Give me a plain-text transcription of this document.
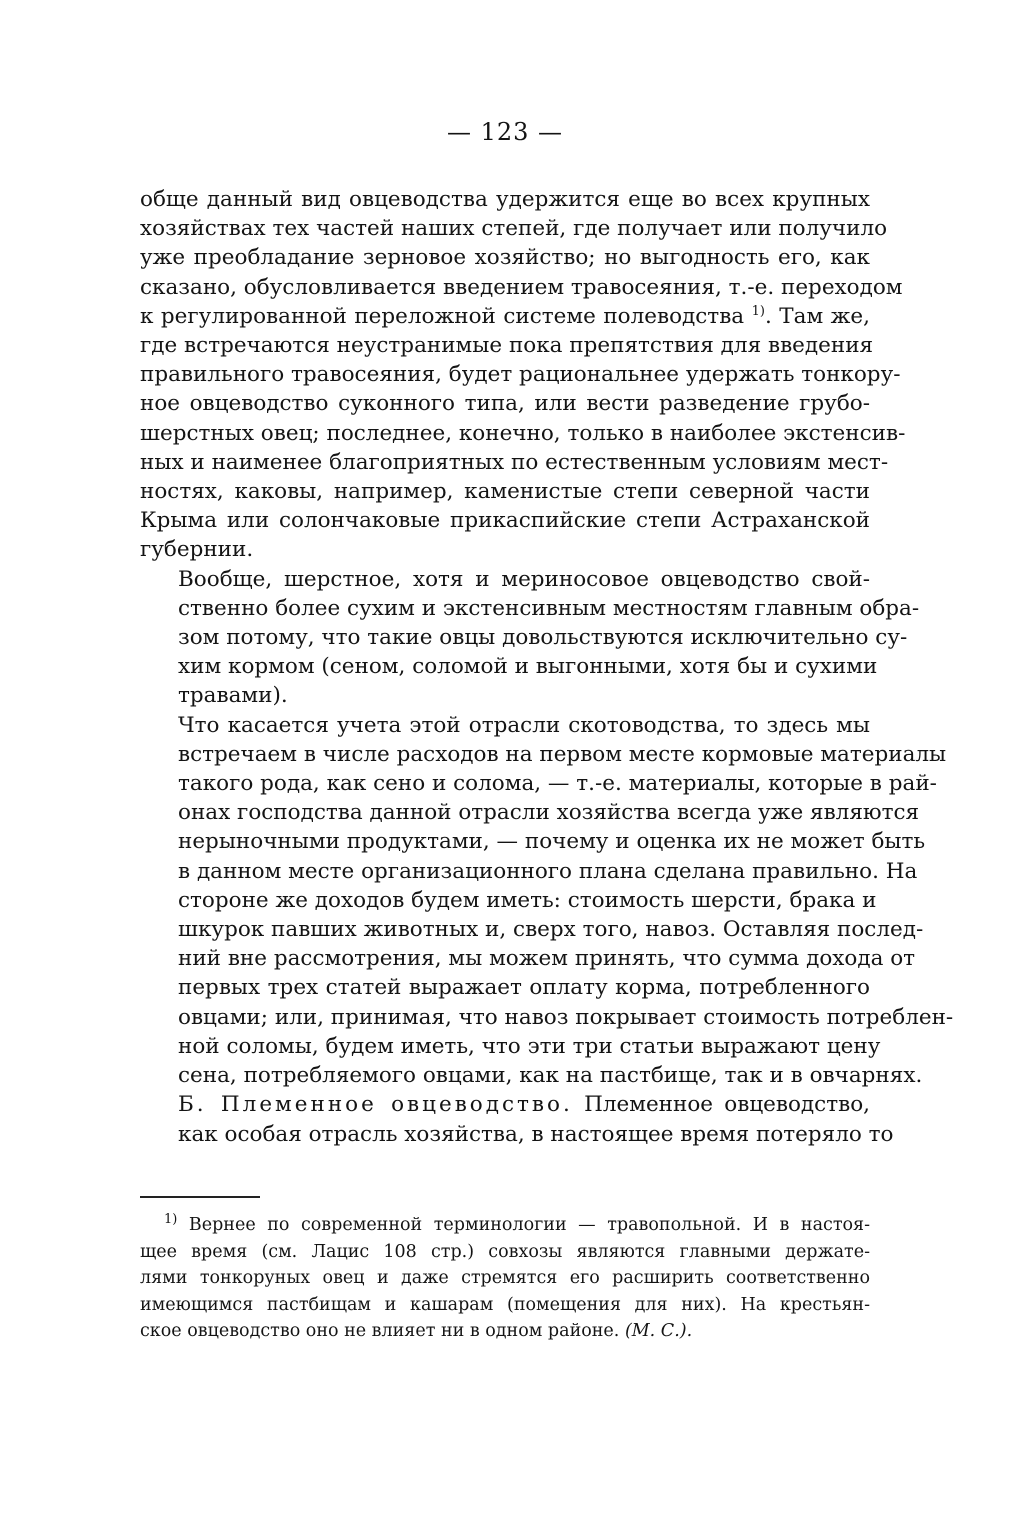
— 123 —

обще данный вид овцеводства удержится еще во всех крупных
хозяйствах тех частей наших степей, где получает или получило
уже преобладание зерновое хозяйство; но выгодность его, как
сказано, обусловливается введением травосеяния, т.-е. переходом
к регулированной переложной системе полеводства $^{1)}$. Там же,
где встречаются неустранимые пока препятствия для введения
правильного травосеяния, будет рациональнее удержать тонкору-
ное овцеводство суконного типа, или вести разведение грубо-
шерстных овец; последнее, конечно, только в наиболее экстенсив-
ных и наименее благоприятных по естественным условиям мест-
ностях, каковы, например, каменистые степи северной части
Крыма или солончаковые прикаспийские степи Астраханской
губернии.

Вообще, шерстное, хотя и мериносовое овцеводство свой-
ственно более сухим и экстенсивным местностям главным обра-
зом потому, что такие овцы довольствуются исключительно су-
хим кормом (сеном, соломой и выгонными, хотя бы и сухими
травами).

Что касается учета этой отрасли скотоводства, то здесь мы
встречаем в числе расходов на первом месте кормовые материалы
такого рода, как сено и солома, — т.-е. материалы, которые в рай-
онах господства данной отрасли хозяйства всегда уже являются
нерыночными продуктами, — почему и оценка их не может быть
в данном месте организационного плана сделана правильно. На
стороне же доходов будем иметь: стоимость шерсти, брака и
шкурок павших животных и, сверх того, навоз. Оставляя послед-
ний вне рассмотрения, мы можем принять, что сумма дохода от
первых трех статей выражает оплату корма, потребленного
овцами; или, принимая, что навоз покрывает стоимость потреблен-
ной соломы, будем иметь, что эти три статьи выражают цену
сена, потребляемого овцами, как на пастбище, так и в овчарнях.

Б. Племенное овцеводство. Племенное овцеводство,
как особая отрасль хозяйства, в настоящее время потеряло то

$^{1)}$ Вернее по современной терминологии — травопольной. И в настоя-
щее время (см. Лацис 108 стр.) совхозы являются главными держате-
лями тонкоруных овец и даже стремятся его расширить соответственно
имеющимся пастбищам и кашарам (помещения для них). На крестьян-
ское овцеводство оно не влияет ни в одном районе. (М. С.).
